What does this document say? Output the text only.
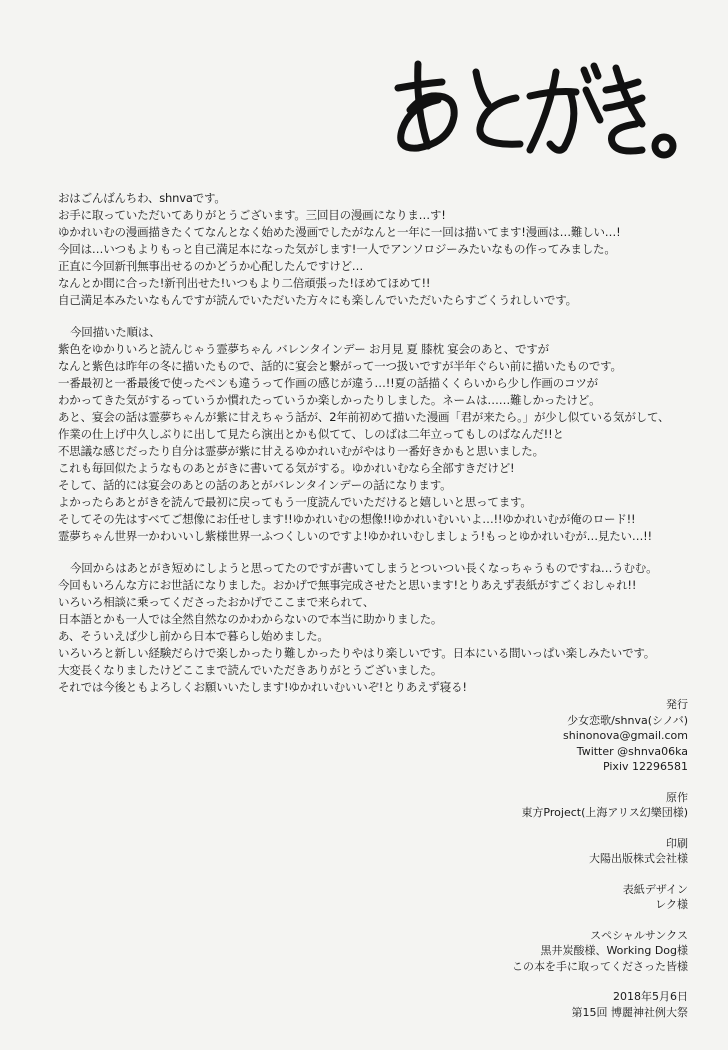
おはごんばんちわ、shnvaです。
お手に取っていただいてありがとうございます。三回目の漫画になりま…す!
ゆかれいむの漫画描きたくてなんとなく始めた漫画でしたがなんと一年に一回は描いてます!漫画は…難しい…!
今回は…いつもよりもっと自己満足本になった気がします!一人でアンソロジーみたいなもの作ってみました。
正直に今回新刊無事出せるのかどうか心配したんですけど…
なんとか間に合った!新刊出せた!いつもより二倍頑張った!ほめてほめて!!
自己満足本みたいなもんですが読んでいただいた方々にも楽しんでいただいたらすごくうれしいです。
今回描いた順は、
紫色をゆかりいろと読んじゃう霊夢ちゃん バレンタインデー お月見 夏 膝枕 宴会のあと、ですが
なんと紫色は昨年の冬に描いたもので、話的に宴会と繋がって一つ扱いですが半年ぐらい前に描いたものです。
一番最初と一番最後で使ったペンも違うって作画の感じが違う…!!夏の話描くくらいから少し作画のコツが
わかってきた気がするっていうか慣れたっていうか楽しかったりしました。ネームは……難しかったけど。
あと、宴会の話は霊夢ちゃんが紫に甘えちゃう話が、2年前初めて描いた漫画「君が来たら。」が少し似ている気がして、
作業の仕上げ中久しぶりに出して見たら演出とかも似てて、しのばは二年立ってもしのばなんだ!!と
不思議な感じだったり自分は霊夢が紫に甘えるゆかれいむがやはり一番好きかもと思いました。
これも毎回似たようなものあとがきに書いてる気がする。ゆかれいむなら全部すきだけど!
そして、話的には宴会のあとの話のあとがバレンタインデーの話になります。
よかったらあとがきを読んで最初に戻ってもう一度読んでいただけると嬉しいと思ってます。
そしてその先はすべてご想像にお任せします!!ゆかれいむの想像!!ゆかれいむいいよ…!!ゆかれいむが俺のロード!!
霊夢ちゃん世界一かわいいし紫様世界一ふつくしいのですよ!ゆかれいむしましょう!もっとゆかれいむが…見たい…!!
今回からはあとがき短めにしようと思ってたのですが書いてしまうとついつい長くなっちゃうものですね…うむむ。
今回もいろんな方にお世話になりました。おかげで無事完成させたと思います!とりあえず表紙がすごくおしゃれ!!
いろいろ相談に乗ってくださったおかげでここまで来られて、
日本語とかも一人では全然自然なのかわからないので本当に助かりました。
あ、そういえば少し前から日本で暮らし始めました。
いろいろと新しい経験だらけで楽しかったり難しかったりやはり楽しいです。日本にいる間いっぱい楽しみたいです。
大変長くなりましたけどここまで読んでいただきありがとうございました。
それでは今後ともよろしくお願いいたします!ゆかれいむいいぞ!とりあえず寝る!
発行
少女恋歌/shnva(シノバ)
shinonova@gmail.com
Twitter @shnva06ka
Pixiv 12296581
原作
東方Project(上海アリス幻樂団様)
印刷
大陽出版株式会社様
表紙デザイン
レク様
スペシャルサンクス
黒井炭酸様、Working Dog様
この本を手に取ってくださった皆様
2018年5月6日
第15回 博麗神社例大祭
